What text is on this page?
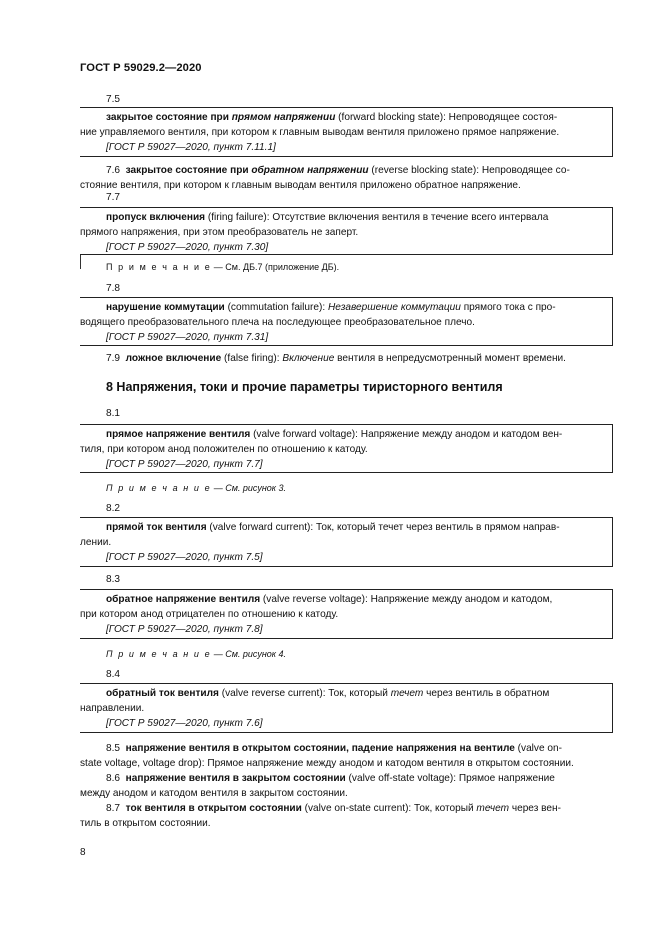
ГОСТ Р 59029.2—2020
7.5

закрытое состояние при прямом напряжении (forward blocking state): Непроводящее состоя-

ние управляемого вентиля, при котором к главным выводам вентиля приложено прямое напряжение.

[ГОСТ Р 59027—2020, пункт 7.11.1]

7.6 закрытое состояние при обратном напряжении (reverse blocking state): Непроводящее со-

стояние вентиля, при котором к главным выводам вентиля приложено обратное напряжение.

7.7

пропуск включения (firing failure): Отсутствие включения вентиля в течение всего интервала

прямого напряжения, при этом преобразователь не заперт.

[ГОСТ Р 59027—2020, пункт 7.30]

П р и м е ч а н и е — См. ДБ.7 (приложение ДБ).
7.8

нарушение коммутации (commutation failure): Незавершение коммутации прямого тока с про-

водящего преобразовательного плеча на последующее преобразовательное плечо.

[ГОСТ Р 59027—2020, пункт 7.31]

7.9 ложное включение (false firing): Включение вентиля в непредусмотренный момент времени.

8 Напряжения, токи и прочие параметры тиристорного вентиля
8.1

прямое напряжение вентиля (valve forward voltage): Напряжение между анодом и катодом вен-

тиля, при котором анод положителен по отношению к катоду.

[ГОСТ Р 59027—2020, пункт 7.7]

П р и м е ч а н и е — См. рисунок 3.
8.2

прямой ток вентиля (valve forward current): Ток, который течет через вентиль в прямом направ-

лении.

[ГОСТ Р 59027—2020, пункт 7.5]

8.3

обратное напряжение вентиля (valve reverse voltage): Напряжение между анодом и катодом,

при котором анод отрицателен по отношению к катоду.

[ГОСТ Р 59027—2020, пункт 7.8]

П р и м е ч а н и е — См. рисунок 4.
8.4

обратный ток вентиля (valve reverse current): Ток, который течет через вентиль в обратном

направлении.

[ГОСТ Р 59027—2020, пункт 7.6]

8.5 напряжение вентиля в открытом состоянии, падение напряжения на вентиле (valve on-

state voltage, voltage drop): Прямое напряжение между анодом и катодом вентиля в открытом состоянии.

8.6 напряжение вентиля в закрытом состоянии (valve off-state voltage): Прямое напряжение

между анодом и катодом вентиля в закрытом состоянии.

8.7 ток вентиля в открытом состоянии (valve on-state current): Ток, который течет через вен-

тиль в открытом состоянии.

8
